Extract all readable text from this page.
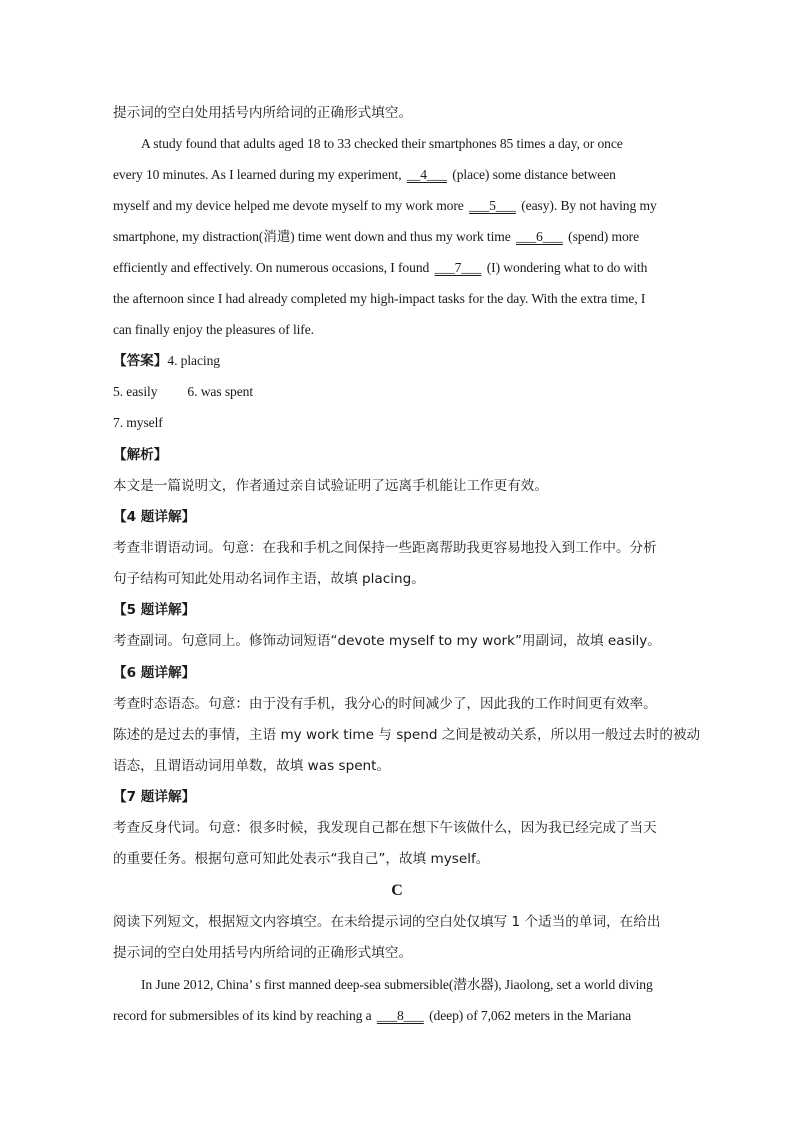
提示词的空白处用括号内所给词的正确形式填空。
A study found that adults aged 18 to 33 checked their smartphones 85 times a day, or once
every 10 minutes. As I learned during my experiment, __4___ (place) some distance between
myself and my device helped me devote myself to my work more ___5___ (easy). By not having my
smartphone, my distraction(消遣) time went down and thus my work time ___6___ (spend) more
efficiently and effectively. On numerous occasions, I found ___7___ (I) wondering what to do with
the afternoon since I had already completed my high-impact tasks for the day. With the extra time, I
can finally enjoy the pleasures of life.
【答案】4. placing
5. easily 6. was spent
7. myself
【解析】
本文是一篇说明文，作者通过亲自试验证明了远离手机能让工作更有效。
【4 题详解】
考查非谓语动词。句意：在我和手机之间保持一些距离帮助我更容易地投入到工作中。分析
句子结构可知此处用动名词作主语，故填 placing。
【5 题详解】
考查副词。句意同上。修饰动词短语“devote myself to my work”用副词，故填 easily。
【6 题详解】
考查时态语态。句意：由于没有手机，我分心的时间减少了，因此我的工作时间更有效率。
陈述的是过去的事情，主语 my work time 与 spend 之间是被动关系，所以用一般过去时的被动
语态，且谓语动词用单数，故填 was spent。
【7 题详解】
考查反身代词。句意：很多时候，我发现自己都在想下午该做什么，因为我已经完成了当天
的重要任务。根据句意可知此处表示“我自己”，故填 myself。
C
阅读下列短文，根据短文内容填空。在未给提示词的空白处仅填写 1 个适当的单词，在给出
提示词的空白处用括号内所给词的正确形式填空。
In June 2012, China’ s first manned deep-sea submersible(潜水器), Jiaolong, set a world diving
record for submersibles of its kind by reaching a ___8___ (deep) of 7,062 meters in the Mariana
